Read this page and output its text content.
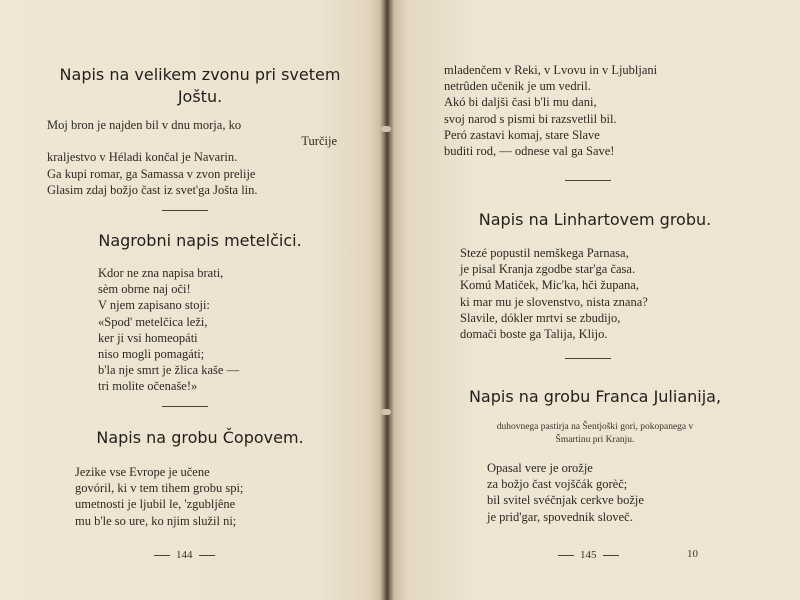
Napis na velikem zvonu pri svetem
Joštu.
Moj bron je najden bil v dnu morja, ko
Turčije
kraljestvo v Héladi končal je Navarin.
Ga kupi romar, ga Samassa v zvon prelije
Glasim zdaj božjo čast iz svet'ga Jošta lin.
Nagrobni napis metelčici.
Kdor ne zna napisa brati,
sèm obrne naj oči!
V njem zapisano stoji:
«Spod' metelčica leži,
ker ji vsi homeopáti
niso mogli pomagáti;
b'la nje smrt je žlica kaše —
tri molite očenaše!»
Napis na grobu Čopovem.
Jezike vse Evrope je učene
govóril, ki v tem tihem grobu spi;
umetnosti je ljubil le, 'zgubljêne
mu b'le so ure, ko njim služil ni;
144
mladenčem v Reki, v Lvovu in v Ljubljani
netrûden učenik je um vedril.
Akó bi daljši časi b'li mu dani,
svoj narod s pismi bi razsvetlil bil.
Peró zastavi komaj, stare Slave
buditi rod, — odnese val ga Save!
Napis na Linhartovem grobu.
Stezé popustil nemškega Parnasa,
je pisal Kranja zgodbe star'ga časa.
Komú Matiček, Mic'ka, hči župana,
ki mar mu je slovenstvo, nista znana?
Slavile, dókler mrtvi se zbudijo,
domači boste ga Talija, Klijo.
Napis na grobu Franca Julianija,
duhovnega pastirja na Šentjoški gori, pokopanega v
Šmartinu pri Kranju.
Opasal vere je orožje
za božjo čast vojščák gorèč;
bil svitel svéčnjak cerkve božje
je prid'gar, spovednik sloveč.
145	10
